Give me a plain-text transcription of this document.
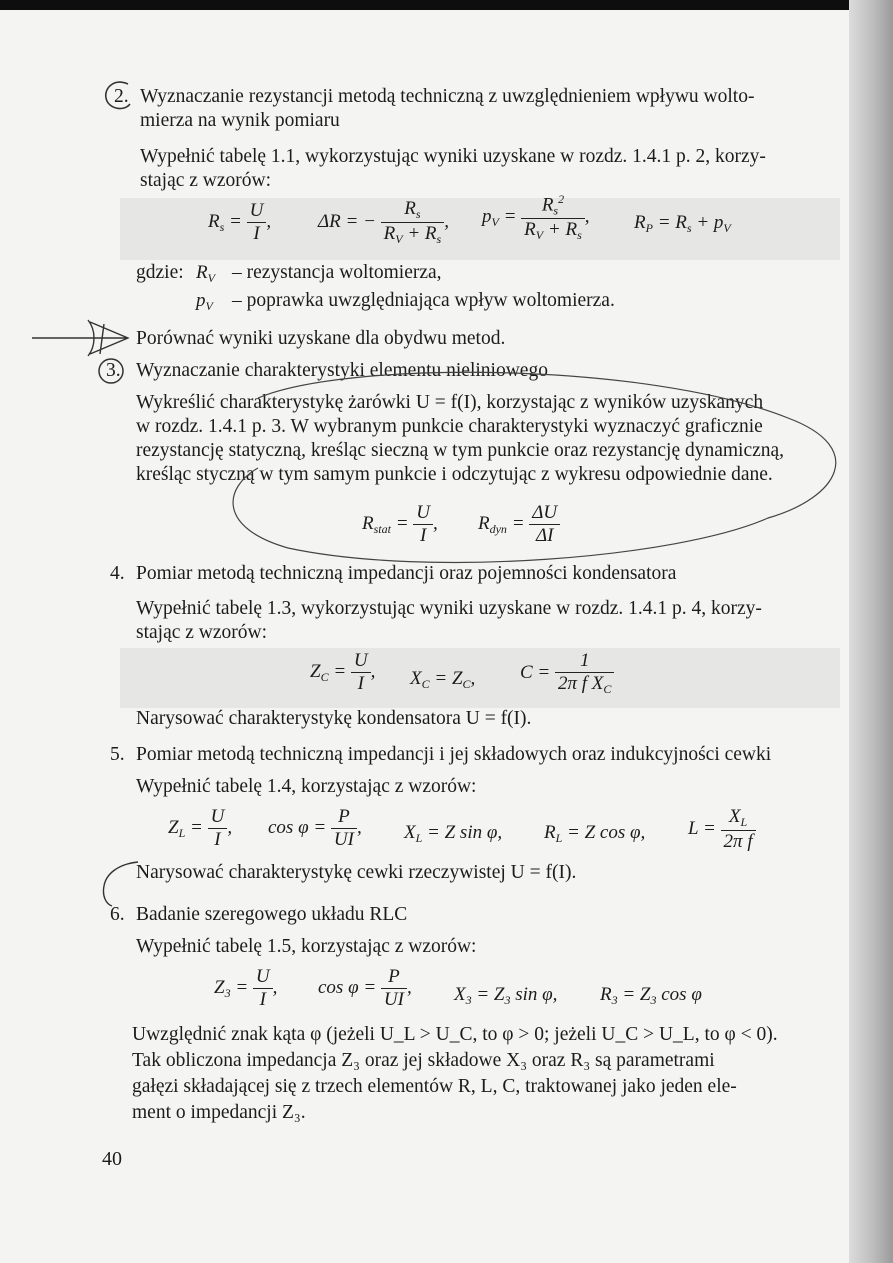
2. Wyznaczanie rezystancji metodą techniczną z uwzględnieniem wpływu wolto-
mierza na wynik pomiaru
Wypełnić tabelę 1.1, wykorzystując wyniki uzyskane w rozdz. 1.4.1 p. 2, korzy-
stając z wzorów:
$R_s = \frac{U}{I}$ , ΔR = − $\frac{R_s}{R_V + R_s}$ , $p_V = \frac{R_s^2}{R_V + R_s}$ , $R_P = R_s + p_V$
gdzie: $R_V$ – rezystancja woltomierza,
$p_V$ – poprawka uwzględniająca wpływ woltomierza.
Porównać wyniki uzyskane dla obydwu metod.
3. Wyznaczanie charakterystyki elementu nieliniowego
Wykreślić charakterystykę żarówki U = f(I), korzystając z wyników uzyskanych
w rozdz. 1.4.1 p. 3. W wybranym punkcie charakterystyki wyznaczyć graficznie
rezystancję statyczną, kreśląc sieczną w tym punkcie oraz rezystancję dynamiczną,
kreśląc styczną w tym samym punkcie i odczytując z wykresu odpowiednie dane.
$R_{stat} = \frac{U}{I}$ , $R_{dyn} = \frac{\Delta U}{\Delta I}$
4. Pomiar metodą techniczną impedancji oraz pojemności kondensatora
Wypełnić tabelę 1.3, wykorzystując wyniki uzyskane w rozdz. 1.4.1 p. 4, korzy-
stając z wzorów:
$Z_C = \frac{U}{I}$ , $X_C = Z_C$, $C = \frac{1}{2\pi f X_C}$
Narysować charakterystykę kondensatora U = f(I).
5. Pomiar metodą techniczną impedancji i jej składowych oraz indukcyjności cewki
Wypełnić tabelę 1.4, korzystając z wzorów:
$Z_L = \frac{U}{I}$ , $\cos \varphi = \frac{P}{UI}$ , $X_L = Z$ sin φ, $R_L = Z$ cos φ, $L = \frac{X_L}{\text{2π f}}$
Narysować charakterystykę cewki rzeczywistej U = f(I).
6. Badanie szeregowego układu RLC
Wypełnić tabelę 1.5, korzystając z wzorów:
$Z_3 = \frac{U}{I}$ , $\cos \varphi = \frac{P}{UI}$ , $X_3 = Z_3$ sin φ, $R_3 = Z_3$ cos φ
Uwzględnić znak kąta φ (jeżeli U_L > U_C, to φ > 0; jeżeli U_C > U_L, to φ < 0).
Tak obliczona impedancja Z₃ oraz jej składowe X₃ oraz R₃ są parametrami
gałęzi składającej się z trzech elementów R, L, C, traktowanej jako jeden ele-
ment o impedancji Z₃.
40
